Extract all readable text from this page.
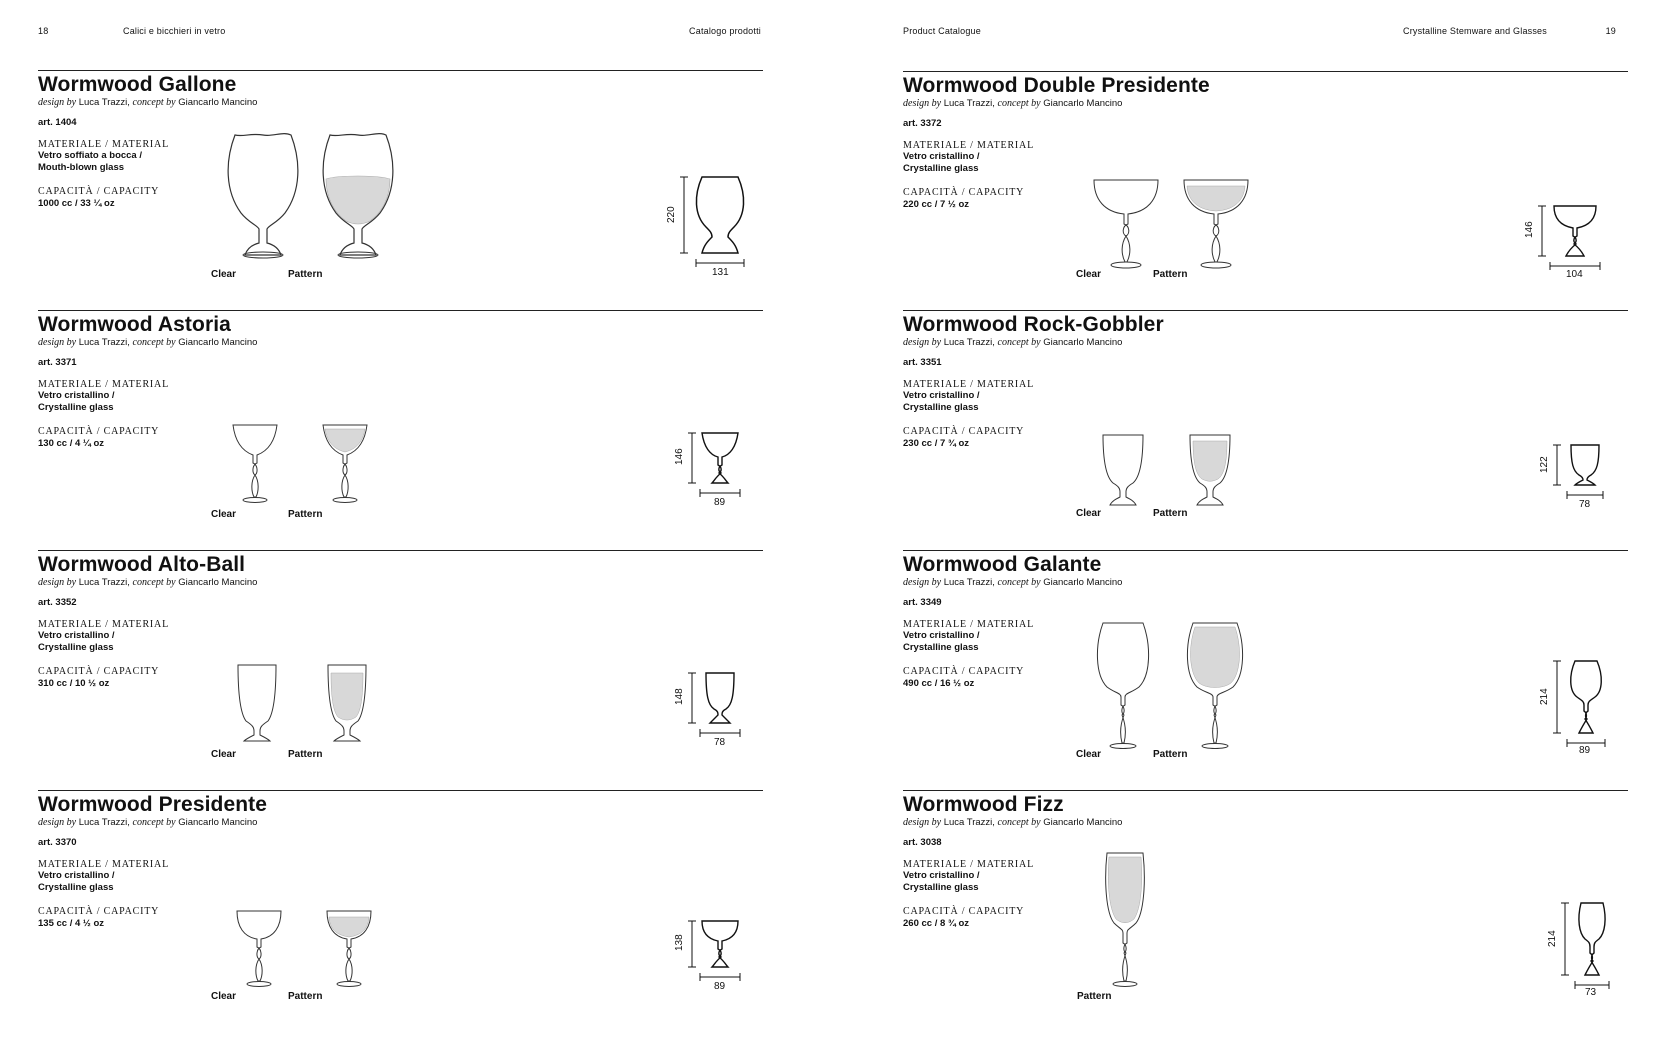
18	Calici e bicchieri in vetro	Catalogo prodotti
Wormwood Gallone
design by Luca Trazzi, concept by Giancarlo Mancino
art. 1404
MATERIALE / MATERIAL
Vetro soffiato a bocca /
Mouth-blown glass
CAPACITÀ / CAPACITY
1000 cc / 33 ¼ oz
Clear	Pattern
220
131
Wormwood Astoria
design by Luca Trazzi, concept by Giancarlo Mancino
art. 3371
MATERIALE / MATERIAL
Vetro cristallino /
Crystalline glass
CAPACITÀ / CAPACITY
130 cc / 4 ¼ oz
Clear	Pattern
146
89
Wormwood Alto-Ball
design by Luca Trazzi, concept by Giancarlo Mancino
art. 3352
MATERIALE / MATERIAL
Vetro cristallino /
Crystalline glass
CAPACITÀ / CAPACITY
310 cc / 10 ½ oz
Clear	Pattern
148
78
Wormwood Presidente
design by Luca Trazzi, concept by Giancarlo Mancino
art. 3370
MATERIALE / MATERIAL
Vetro cristallino /
Crystalline glass
CAPACITÀ / CAPACITY
135 cc / 4 ½ oz
Clear	Pattern
138
89
Product Catalogue	Crystalline Stemware and Glasses	19
Wormwood Double Presidente
design by Luca Trazzi, concept by Giancarlo Mancino
art. 3372
MATERIALE / MATERIAL
Vetro cristallino /
Crystalline glass
CAPACITÀ / CAPACITY
220 cc / 7 ½ oz
Clear	Pattern
146
104
Wormwood Rock-Gobbler
design by Luca Trazzi, concept by Giancarlo Mancino
art. 3351
MATERIALE / MATERIAL
Vetro cristallino /
Crystalline glass
CAPACITÀ / CAPACITY
230 cc / 7 ¾ oz
Clear	Pattern
122
78
Wormwood Galante
design by Luca Trazzi, concept by Giancarlo Mancino
art. 3349
MATERIALE / MATERIAL
Vetro cristallino /
Crystalline glass
CAPACITÀ / CAPACITY
490 cc / 16 ½ oz
Clear	Pattern
214
89
Wormwood Fizz
design by Luca Trazzi, concept by Giancarlo Mancino
art. 3038
MATERIALE / MATERIAL
Vetro cristallino /
Crystalline glass
CAPACITÀ / CAPACITY
260 cc / 8 ¾ oz
Pattern
214
73
